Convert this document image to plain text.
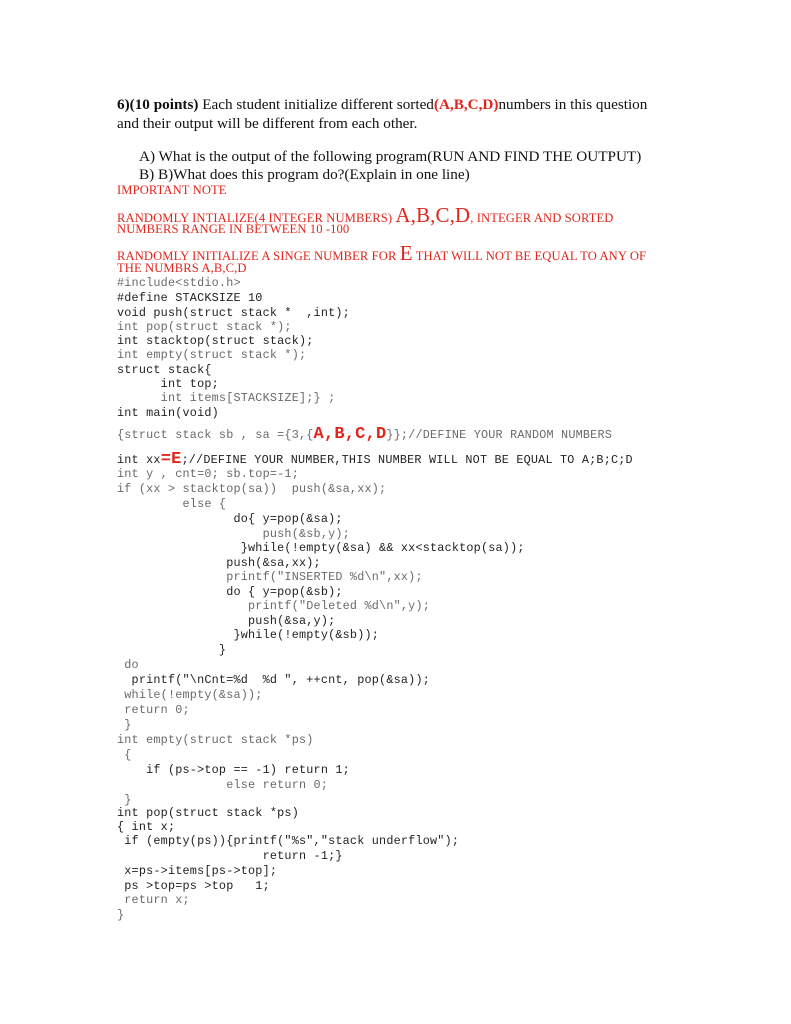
6)(10 points) Each student initialize different sorted(A,B,C,D)numbers in this question
and their output will be different from each other.
A) What is the output of the following program(RUN AND FIND THE OUTPUT)
B) B)What does this program do?(Explain in one line)
IMPORTANT NOTE
RANDOMLY INTIALIZE(4 INTEGER NUMBERS) A,B,C,D, INTEGER AND SORTED
NUMBERS RANGE IN BETWEEN 10 -100
RANDOMLY INITIALIZE A SINGE NUMBER FOR E THAT WILL NOT BE EQUAL TO ANY OF
THE NUMBRS A,B,C,D
#include<stdio.h>
#define STACKSIZE 10
void push(struct stack *  ,int);
int pop(struct stack *);
int stacktop(struct stack);
int empty(struct stack *);
struct stack{
int top;
int items[STACKSIZE];} ;
int main(void)
{struct stack sb , sa ={3,{A,B,C,D}};//DEFINE YOUR RANDOM NUMBERS
int xx=E;//DEFINE YOUR NUMBER,THIS NUMBER WILL NOT BE EQUAL TO A;B;C;D
int y , cnt=0; sb.top=-1;
if (xx > stacktop(sa))  push(&sa,xx);
else {
do{ y=pop(&sa);
push(&sb,y);
}while(!empty(&sa) && xx<stacktop(sa));
push(&sa,xx);
printf("INSERTED %d\n",xx);
do { y=pop(&sb);
printf("Deleted %d\n",y);
push(&sa,y);
}while(!empty(&sb));
}
do
printf("\nCnt=%d  %d ", ++cnt, pop(&sa));
while(!empty(&sa));
return 0;
}
int empty(struct stack *ps)
{
if (ps->top == -1) return 1;
else return 0;
}
int pop(struct stack *ps)
{ int x;
if (empty(ps)){printf("%s","stack underflow");
return -1;}
x=ps->items[ps->top];
ps >top=ps >top   1;
return x;
}
